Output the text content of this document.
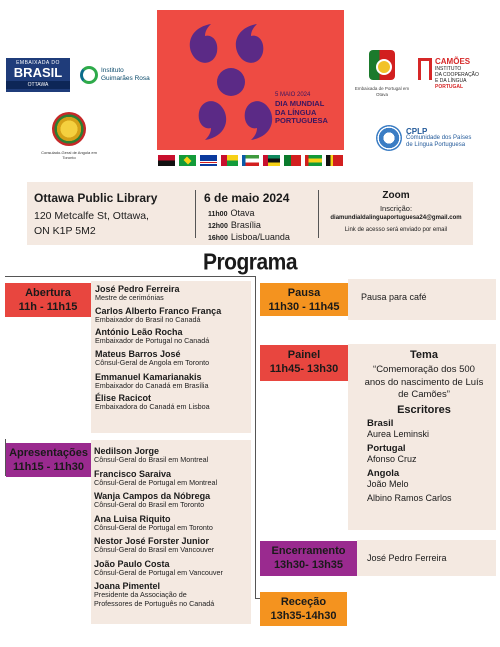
EMBAIXADA DO
BRASIL
OTTAWA
Instituto
Guimarães Rosa
Consulado-Geral de Angola em Toronto
5 MAIO 2024
DIA MUNDIAL
DA LÍNGUA
PORTUGUESA
Embaixada de Portugal em Otava
CAMÕES
INSTITUTO
DA COOPERAÇÃO
E DA LÍNGUA
PORTUGAL
CPLP
Comunidade dos Países
de Língua Portuguesa
Ottawa Public Library
120 Metcalfe St, Ottawa,
ON K1P 5M2
6 de maio 2024
11h00 Otava
12h00 Brasília
16h00 Lisboa/Luanda
Zoom
Inscrição:
diamundialdalinguaportuguesa24@gmail.com
Link de acesso será enviado por email
Programa
Abertura
11h - 11h15
José Pedro Ferreira
Mestre de cerimónias
Carlos Alberto Franco França
Embaixador do Brasil no Canadá
António Leão Rocha
Embaixador de Portugal no Canadá
Mateus Barros José
Cônsul-Geral de Angola em Toronto
Emmanuel Kamarianakis
Embaixador do Canadá em Brasília
Élise Racicot
Embaixadora do Canadá em Lisboa
Apresentações
11h15 - 11h30
Nedilson Jorge
Cônsul-Geral do Brasil em Montreal
Francisco Saraiva
Cônsul-Geral de Portugal em Montreal
Wanja Campos da Nóbrega
Cônsul-Geral do Brasil em Toronto
Ana Luisa Riquito
Cônsul-Geral de Portugal em Toronto
Nestor José Forster Junior
Cônsul-Geral do Brasil em Vancouver
João Paulo Costa
Cônsul-Geral de Portugal em Vancouver
Joana Pimentel
Presidente da Associação de
Professores de Português no Canadá
Pausa
11h30 - 11h45
Pausa para café
Painel
11h45- 13h30
Tema
“Comemoração dos 500
anos do nascimento de Luís
de Camões”
Escritores
Brasil
Aurea Leminski
Portugal
Afonso Cruz
Angola
João Melo
Albino Ramos Carlos
Encerramento
13h30- 13h35
José Pedro Ferreira
Receção
13h35-14h30
